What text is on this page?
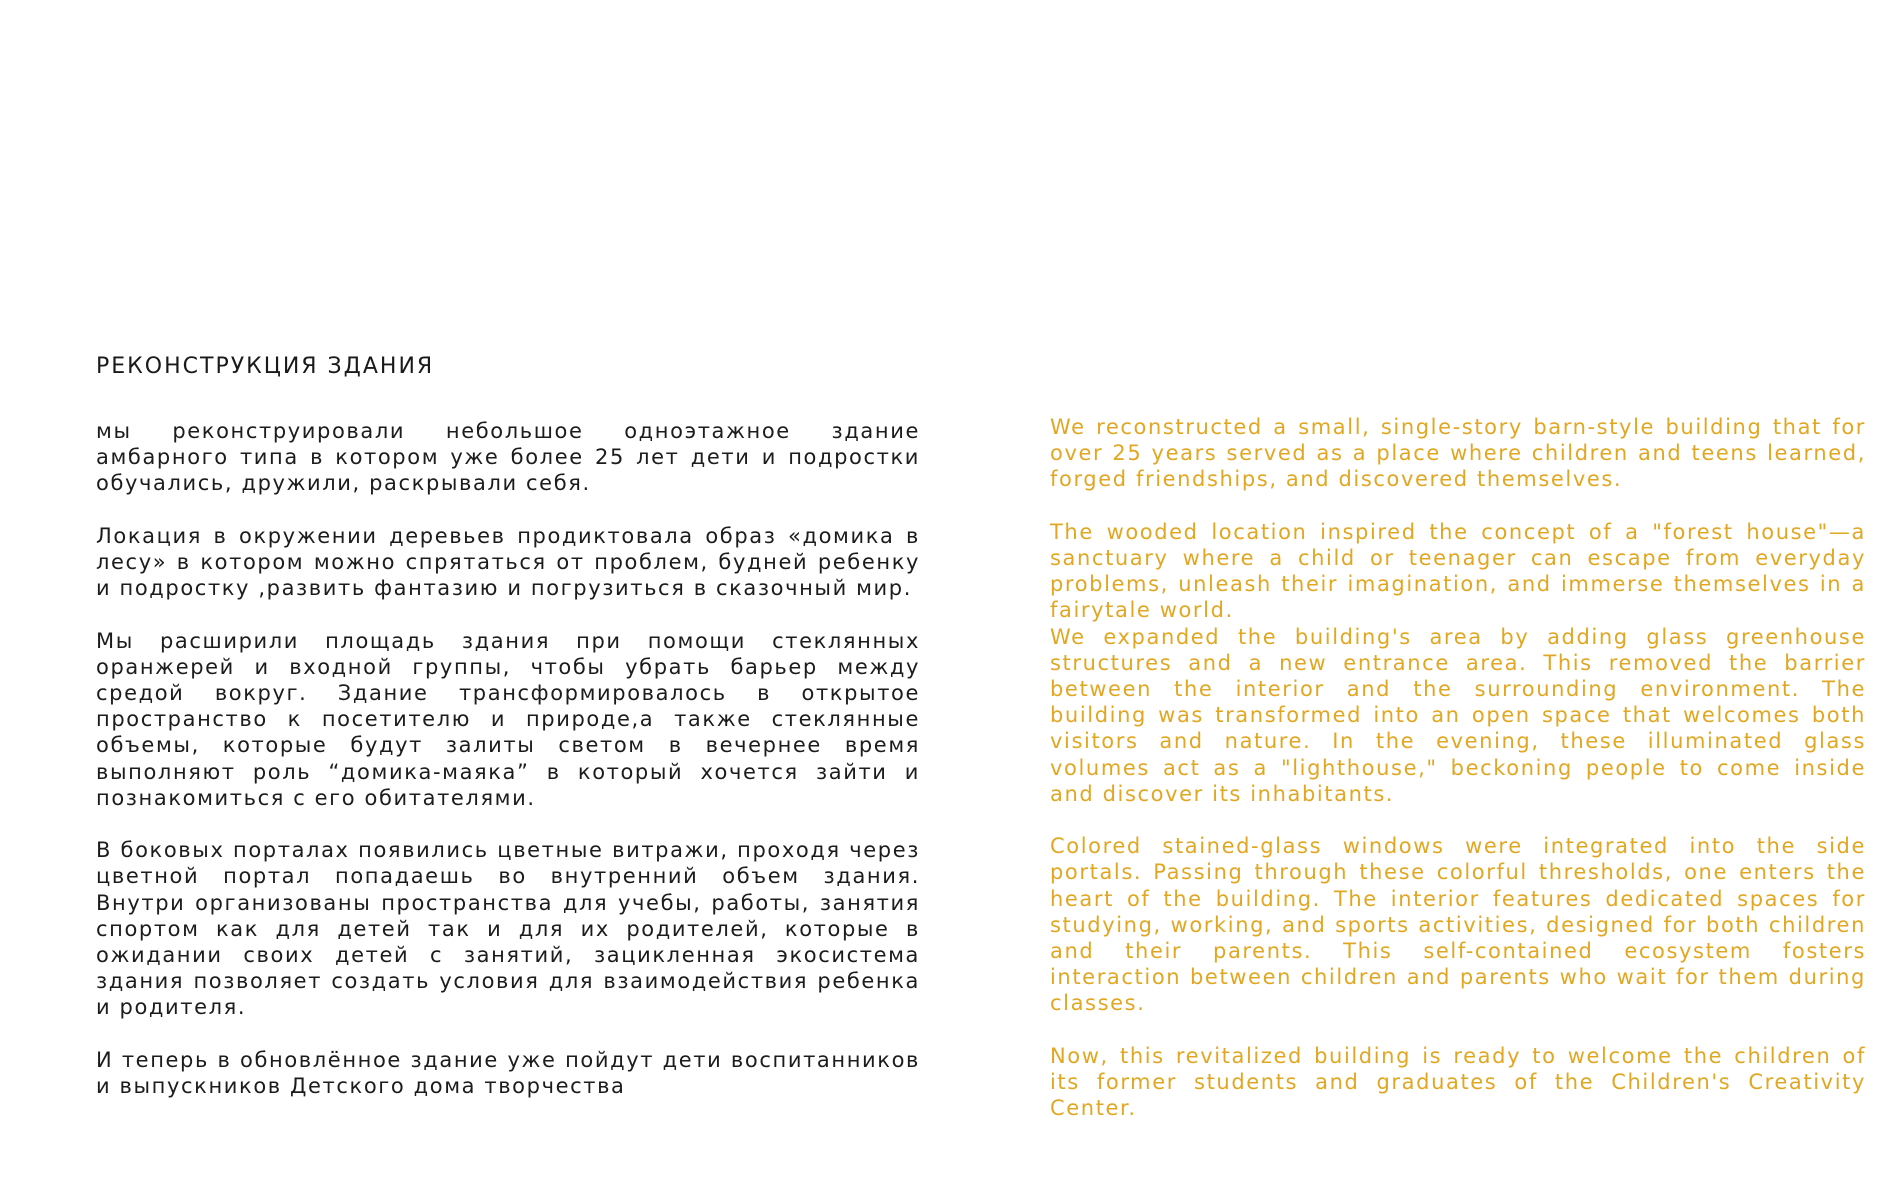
РЕКОНСТРУКЦИЯ ЗДАНИЯ

мы реконструировали небольшое одноэтажное здание амбарного типа в котором уже более 25 лет дети и подростки обучались, дружили, раскрывали себя.

Локация в окружении деревьев продиктовала образ «домика в лесу» в котором можно спрятаться от проблем, будней ребенку и подростку ,развить фантазию и погрузиться в сказочный мир.

Мы расширили площадь здания при помощи стеклянных оранжерей и входной группы, чтобы убрать барьер между средой вокруг. Здание трансформировалось в открытое пространство к посетителю и природе,а также стеклянные объемы, которые будут залиты светом в вечернее время выполняют роль “домика-маяка” в который хочется зайти и познакомиться с его обитателями.

В боковых порталах появились цветные витражи, проходя через цветной портал попадаешь во внутренний объем здания. Внутри организованы пространства для учебы, работы, занятия спортом как для детей так и для их родителей, которые в ожидании своих детей с занятий, зацикленная экосистема здания позволяет создать условия для взаимодействия ребенка и родителя.

И теперь в обновлённое здание уже пойдут дети воспитанников и выпускников Детского дома творчества

We reconstructed a small, single-story barn-style building that for over 25 years served as a place where children and teens learned, forged friendships, and discovered themselves.

The wooded location inspired the concept of a "forest house"—a sanctuary where a child or teenager can escape from everyday problems, unleash their imagination, and immerse themselves in a fairytale world.

We expanded the building's area by adding glass greenhouse structures and a new entrance area. This removed the barrier between the interior and the surrounding environment. The building was transformed into an open space that welcomes both visitors and nature. In the evening, these illuminated glass volumes act as a "lighthouse," beckoning people to come inside and discover its inhabitants.

Colored stained-glass windows were integrated into the side portals. Passing through these colorful thresholds, one enters the heart of the building. The interior features dedicated spaces for studying, working, and sports activities, designed for both children and their parents. This self-contained ecosystem fosters interaction between children and parents who wait for them during classes.

Now, this revitalized building is ready to welcome the children of its former students and graduates of the Children's Creativity Center.
